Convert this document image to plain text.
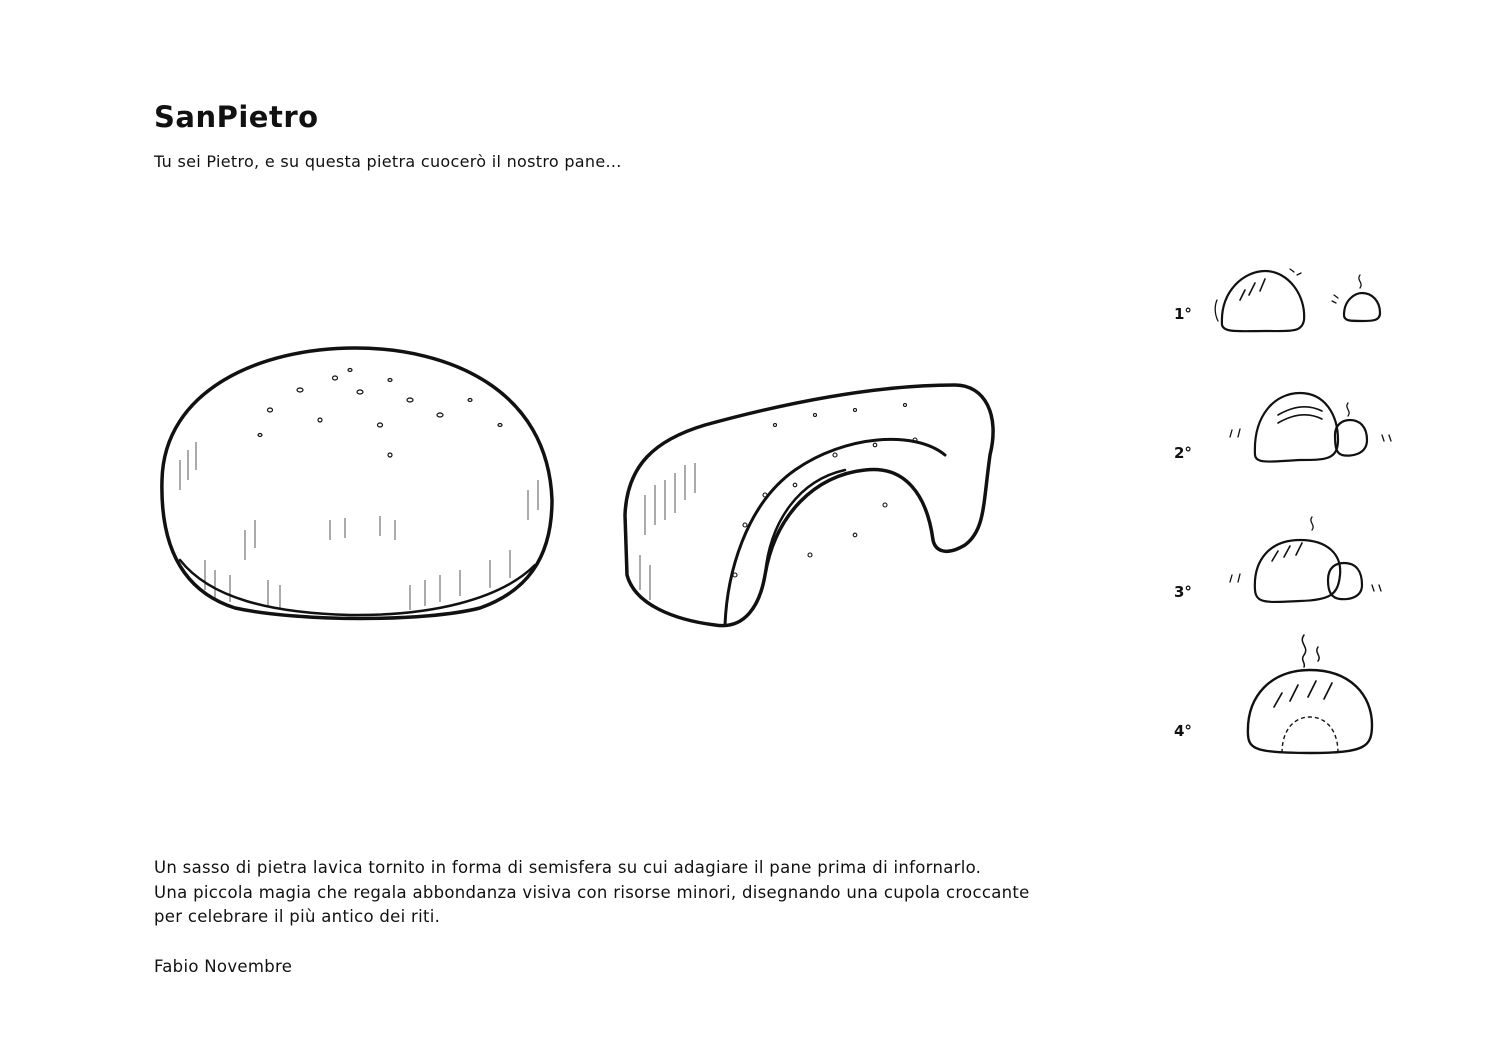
SanPietro

Tu sei Pietro, e su questa pietra cuocerò il nostro pane...

1°
2°
3°
4°
Un sasso di pietra lavica tornito in forma di semisfera su cui adagiare il pane prima di infornarlo.
Una piccola magia che regala abbondanza visiva con risorse minori, disegnando una cupola croccante
per celebrare il più antico dei riti.

Fabio Novembre
